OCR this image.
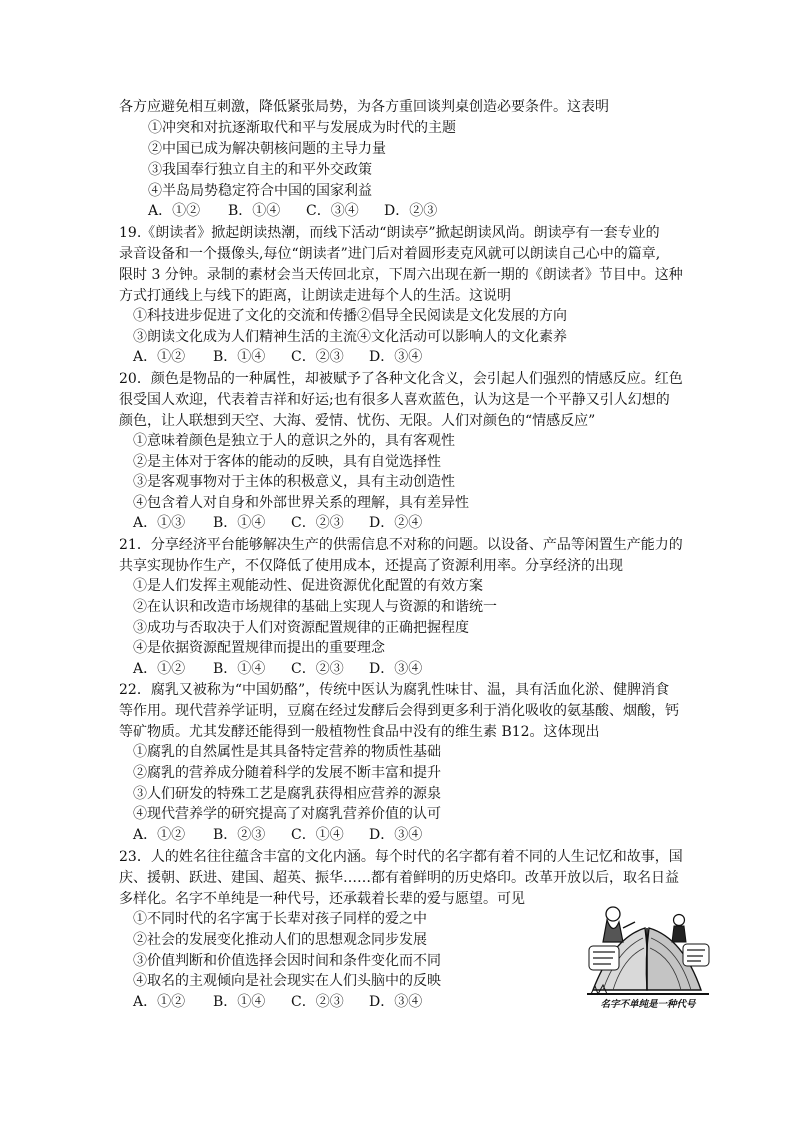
各方应避免相互刺激，降低紧张局势，为各方重回谈判桌创造必要条件。这表明
①冲突和对抗逐渐取代和平与发展成为时代的主题
②中国已成为解决朝核问题的主导力量
③我国奉行独立自主的和平外交政策
④半岛局势稳定符合中国的国家利益
A．①② B．①④ C．③④ D．②③
19.《朗读者》掀起朗读热潮，而线下活动“朗读亭”掀起朗读风尚。朗读亭有一套专业的
录音设备和一个摄像头,每位“朗读者”进门后对着圆形麦克风就可以朗读自己心中的篇章,
限时 3 分钟。录制的素材会当天传回北京，下周六出现在新一期的《朗读者》节目中。这种
方式打通线上与线下的距离，让朗读走进每个人的生活。这说明
①科技进步促进了文化的交流和传播②倡导全民阅读是文化发展的方向
③朗读文化成为人们精神生活的主流④文化活动可以影响人的文化素养
A．①② B．①④ C．②③ D．③④
20．颜色是物品的一种属性，却被赋予了各种文化含义，会引起人们强烈的情感反应。红色
很受国人欢迎，代表着吉祥和好运;也有很多人喜欢蓝色，认为这是一个平静又引人幻想的
颜色，让人联想到天空、大海、爱情、忧伤、无限。人们对颜色的“情感反应”
①意味着颜色是独立于人的意识之外的，具有客观性
②是主体对于客体的能动的反映，具有自觉选择性
③是客观事物对于主体的积极意义，具有主动创造性
④包含着人对自身和外部世界关系的理解，具有差异性
A．①③ B．①④ C．②③ D．②④
21．分享经济平台能够解决生产的供需信息不对称的问题。以设备、产品等闲置生产能力的
共享实现协作生产，不仅降低了使用成本，还提高了资源利用率。分享经济的出现
①是人们发挥主观能动性、促进资源优化配置的有效方案
②在认识和改造市场规律的基础上实现人与资源的和谐统一
③成功与否取决于人们对资源配置规律的正确把握程度
④是依据资源配置规律而提出的重要理念
A．①② B．①④ C．②③ D．③④
22．腐乳又被称为“中国奶酪”，传统中医认为腐乳性味甘、温，具有活血化淤、健脾消食
等作用。现代营养学证明，豆腐在经过发酵后会得到更多利于消化吸收的氨基酸、烟酸，钙
等矿物质。尤其发酵还能得到一般植物性食品中没有的维生素 B12。这体现出
①腐乳的自然属性是其具备特定营养的物质性基础
②腐乳的营养成分随着科学的发展不断丰富和提升
③人们研发的特殊工艺是腐乳获得相应营养的源泉
④现代营养学的研究提高了对腐乳营养价值的认可
A．①② B．②③ C．①④ D．③④
23．人的姓名往往蕴含丰富的文化内涵。每个时代的名字都有着不同的人生记忆和故事，国
庆、援朝、跃进、建国、超英、振华……都有着鲜明的历史烙印。改革开放以后，取名日益
多样化。名字不单纯是一种代号，还承载着长辈的爱与愿望。可见
①不同时代的名字寓于长辈对孩子同样的爱之中
②社会的发展变化推动人们的思想观念同步发展
③价值判断和价值选择会因时间和条件变化而不同
④取名的主观倾向是社会现实在人们头脑中的反映
A．①② B．①④ C．②③ D．③④	名字不单纯是一种代号
